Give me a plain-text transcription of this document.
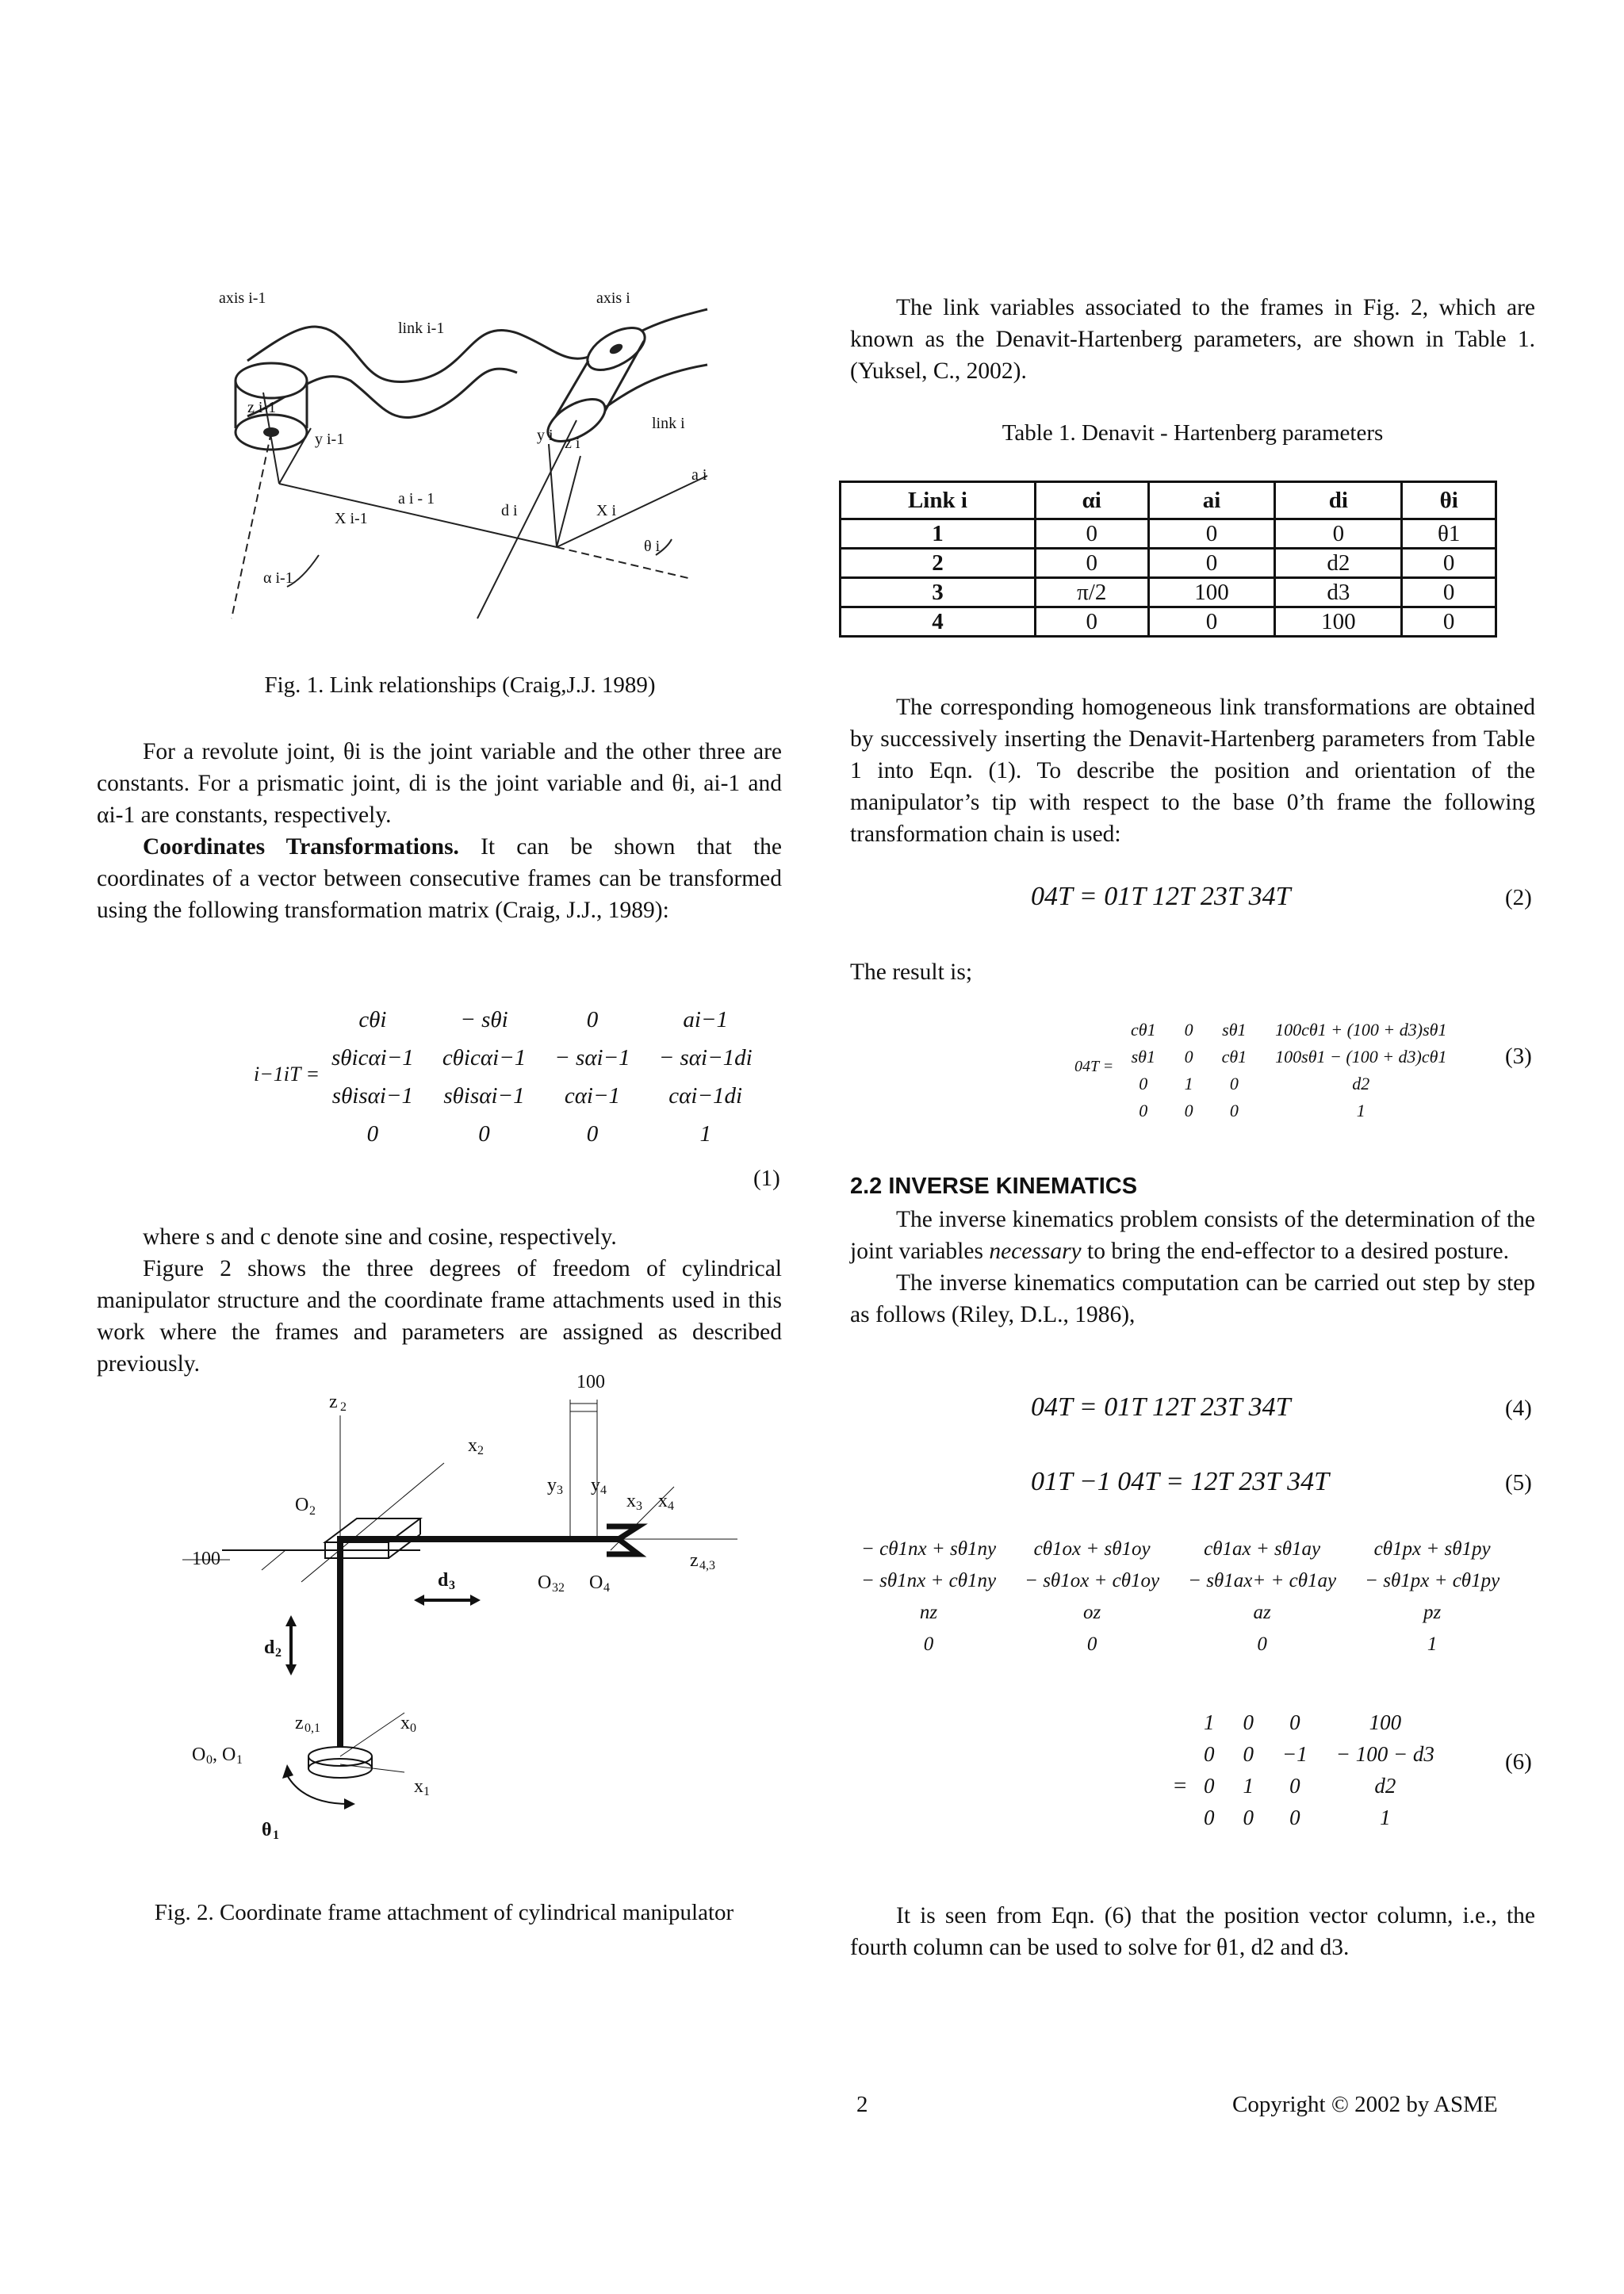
axis i-1	axis i
link i-1
link i
z i-1
y i-1
X i-1
a i - 1
d i	X i
y i z i
a i
θ i
α i-1
Fig. 1. Link relationships (Craig,J.J. 1989)

For a revolute joint, θi is the joint variable and the other three are constants. For a prismatic joint, di is the joint variable and θi, ai-1 and αi-1 are constants, respectively.

Coordinates Transformations. It can be shown that the coordinates of a vector between consecutive frames can be transformed using the following transformation matrix (Craig, J.J., 1989):

i−1iT =
cθi	− sθi	0	ai−1
sθicαi−1	cθicαi−1	− sαi−1	− sαi−1di
sθisαi−1	sθisαi−1	cαi−1	cαi−1di
0	0	0	1
(1)

where s and c denote sine and cosine, respectively.

Figure 2 shows the three degrees of freedom of cylindrical manipulator structure and the coordinate frame attachments used in this work where the frames and parameters are assigned as described previously.

100
z 2
x 2
y 3 y 4
x 3 x 4
O 2
100	z 4,3
d 3	O 32 O 4
d 2
z 0,1	x 0
O 0 , O 1
x 1
θ 1
Fig. 2. Coordinate frame attachment of cylindrical manipulator

The link variables associated to the frames in Fig. 2, which are known as the Denavit-Hartenberg parameters, are shown in Table 1. (Yuksel, C., 2002).

Table 1. Denavit - Hartenberg parameters
Link i	αi	ai	di	θi
1	0	0	0	θ1
2	0	0	d2	0
3	π/2	100	d3	0
4	0	0	100	0

The corresponding homogeneous link transformations are obtained by successively inserting the Denavit-Hartenberg parameters from Table 1 into Eqn. (1). To describe the position and orientation of the manipulator’s tip with respect to the base 0’th frame the following transformation chain is used:

04T = 01T 12T 23T 34T	(2)
The result is;
04T =
cθ1	0	sθ1	100cθ1 + (100 + d3)sθ1
sθ1	0	cθ1	100sθ1 − (100 + d3)cθ1
0	1	0	d2
0	0	0	1
(3)
2.2 INVERSE KINEMATICS

The inverse kinematics problem consists of the determination of the joint variables necessary to bring the end-effector to a desired posture.

The inverse kinematics computation can be carried out step by step as follows (Riley, D.L., 1986),

04T = 01T 12T 23T 34T	(4)
01T −1 04T = 12T 23T 34T	(5)
− cθ1nx + sθ1ny	cθ1ox + sθ1oy	cθ1ax + sθ1ay	cθ1px + sθ1py
− sθ1nx + cθ1ny	− sθ1ox + cθ1oy	− sθ1ax+ + cθ1ay	− sθ1px + cθ1py
nz	oz	az	pz
0	0	0	1
=
1	0	0	100
0	0	−1	− 100 − d3
0	1	0	d2
0	0	0	1
(6)

It is seen from Eqn. (6) that the position vector column, i.e., the fourth column can be used to solve for θ1, d2 and d3.

2	Copyright © 2002 by ASME
